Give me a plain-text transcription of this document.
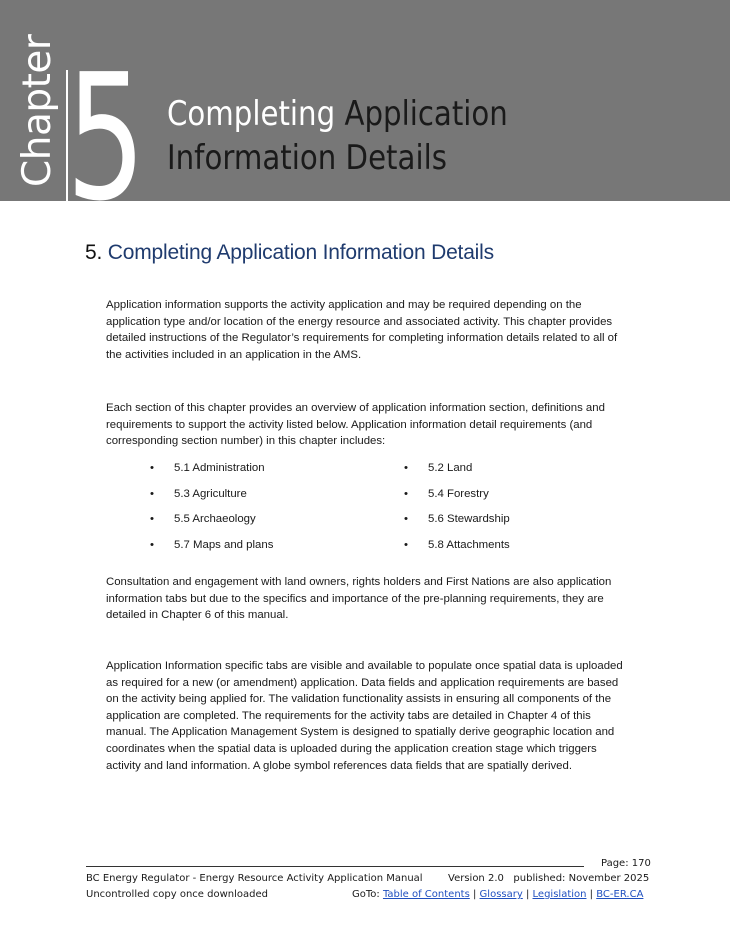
Chapter 5 Completing Application
Information Details
5. Completing Application Information Details
Application information supports the activity application and may be required depending on the application type and/or location of the energy resource and associated activity. This chapter provides detailed instructions of the Regulator’s requirements for completing information details related to all of the activities included in an application in the AMS.
Each section of this chapter provides an overview of application information section, definitions and requirements to support the activity listed below. Application information detail requirements (and corresponding section number) in this chapter includes:
• 5.1 Administration	• 5.2 Land
• 5.3 Agriculture	• 5.4 Forestry
• 5.5 Archaeology	• 5.6 Stewardship
• 5.7 Maps and plans	• 5.8 Attachments
Consultation and engagement with land owners, rights holders and First Nations are also application information tabs but due to the specifics and importance of the pre-planning requirements, they are detailed in Chapter 6 of this manual.
Application Information specific tabs are visible and available to populate once spatial data is uploaded as required for a new (or amendment) application. Data fields and application requirements are based on the activity being applied for. The validation functionality assists in ensuring all components of the application are completed. The requirements for the activity tabs are detailed in Chapter 4 of this manual. The Application Management System is designed to spatially derive geographic location and coordinates when the spatial data is uploaded during the application creation stage which triggers activity and land information. A globe symbol references data fields that are spatially derived.
Page: 170
BC Energy Regulator - Energy Resource Activity Application Manual	Version 2.0 published: November 2025
Uncontrolled copy once downloaded	GoTo: Table of Contents | Glossary | Legislation | BC-ER.CA
